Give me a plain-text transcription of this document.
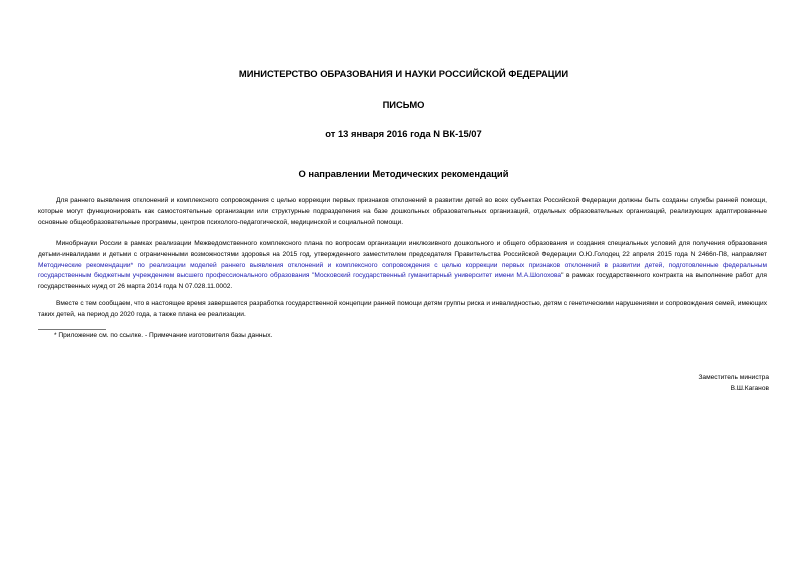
МИНИСТЕРСТВО ОБРАЗОВАНИЯ И НАУКИ РОССИЙСКОЙ ФЕДЕРАЦИИ
ПИСЬМО
от 13 января 2016 года N ВК-15/07
О направлении Методических рекомендаций
Для раннего выявления отклонений и комплексного сопровождения с целью коррекции первых признаков отклонений в развитии детей во всех субъектах Российской Федерации должны быть созданы службы ранней помощи, которые могут функционировать как самостоятельные организации или структурные подразделения на базе дошкольных образовательных организаций, отдельных образовательных организаций, реализующих адаптированные основные общеобразовательные программы, центров психолого-педагогической, медицинской и социальной помощи.
Минобрнауки России в рамках реализации Межведомственного комплексного плана по вопросам организации инклюзивного дошкольного и общего образования и создания специальных условий для получения образования детьми-инвалидами и детьми с ограниченными возможностями здоровья на 2015 год, утвержденного заместителем председателя Правительства Российской Федерации О.Ю.Голодец 22 апреля 2015 года N 2466п-П8, направляет Методические рекомендации* по реализации моделей раннего выявления отклонений и комплексного сопровождения с целью коррекции первых признаков отклонений в развитии детей, подготовленные федеральным государственным бюджетным учреждением высшего профессионального образования "Московский государственный гуманитарный университет имени М.А.Шолохова" в рамках государственного контракта на выполнение работ для государственных нужд от 26 марта 2014 года N 07.028.11.0002.
Вместе с тем сообщаем, что в настоящее время завершается разработка государственной концепции ранней помощи детям группы риска и инвалидностью, детям с генетическими нарушениями и сопровождения семей, имеющих таких детей, на период до 2020 года, а также плана ее реализации.
* Приложение см. по ссылке. - Примечание изготовителя базы данных.
Заместитель министра
В.Ш.Каганов
